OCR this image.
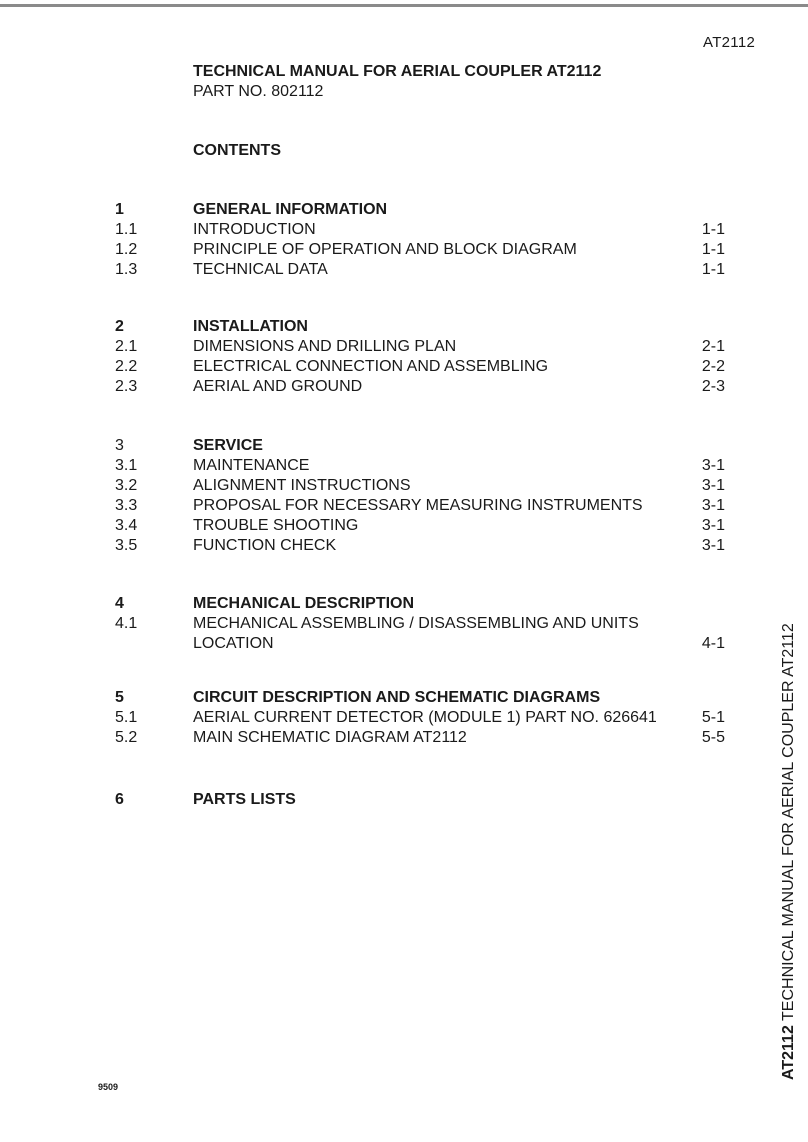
AT2112
TECHNICAL MANUAL FOR AERIAL COUPLER AT2112
PART NO. 802112
CONTENTS
1	GENERAL INFORMATION
1.1	INTRODUCTION	1-1
1.2	PRINCIPLE OF OPERATION AND BLOCK DIAGRAM	1-1
1.3	TECHNICAL DATA	1-1
2	INSTALLATION
2.1	DIMENSIONS AND DRILLING PLAN	2-1
2.2	ELECTRICAL CONNECTION AND ASSEMBLING	2-2
2.3	AERIAL AND GROUND	2-3
3	SERVICE
3.1	MAINTENANCE	3-1
3.2	ALIGNMENT INSTRUCTIONS	3-1
3.3	PROPOSAL FOR NECESSARY MEASURING INSTRUMENTS	3-1
3.4	TROUBLE SHOOTING	3-1
3.5	FUNCTION CHECK	3-1
4	MECHANICAL DESCRIPTION
4.1	MECHANICAL ASSEMBLING / DISASSEMBLING AND UNITS
LOCATION	4-1
5	CIRCUIT DESCRIPTION AND SCHEMATIC DIAGRAMS
5.1	AERIAL CURRENT DETECTOR (MODULE 1) PART NO. 626641	5-1
5.2	MAIN SCHEMATIC DIAGRAM AT2112	5-5
6	PARTS LISTS
AT2112 TECHNICAL MANUAL FOR AERIAL COUPLER AT2112
9509
